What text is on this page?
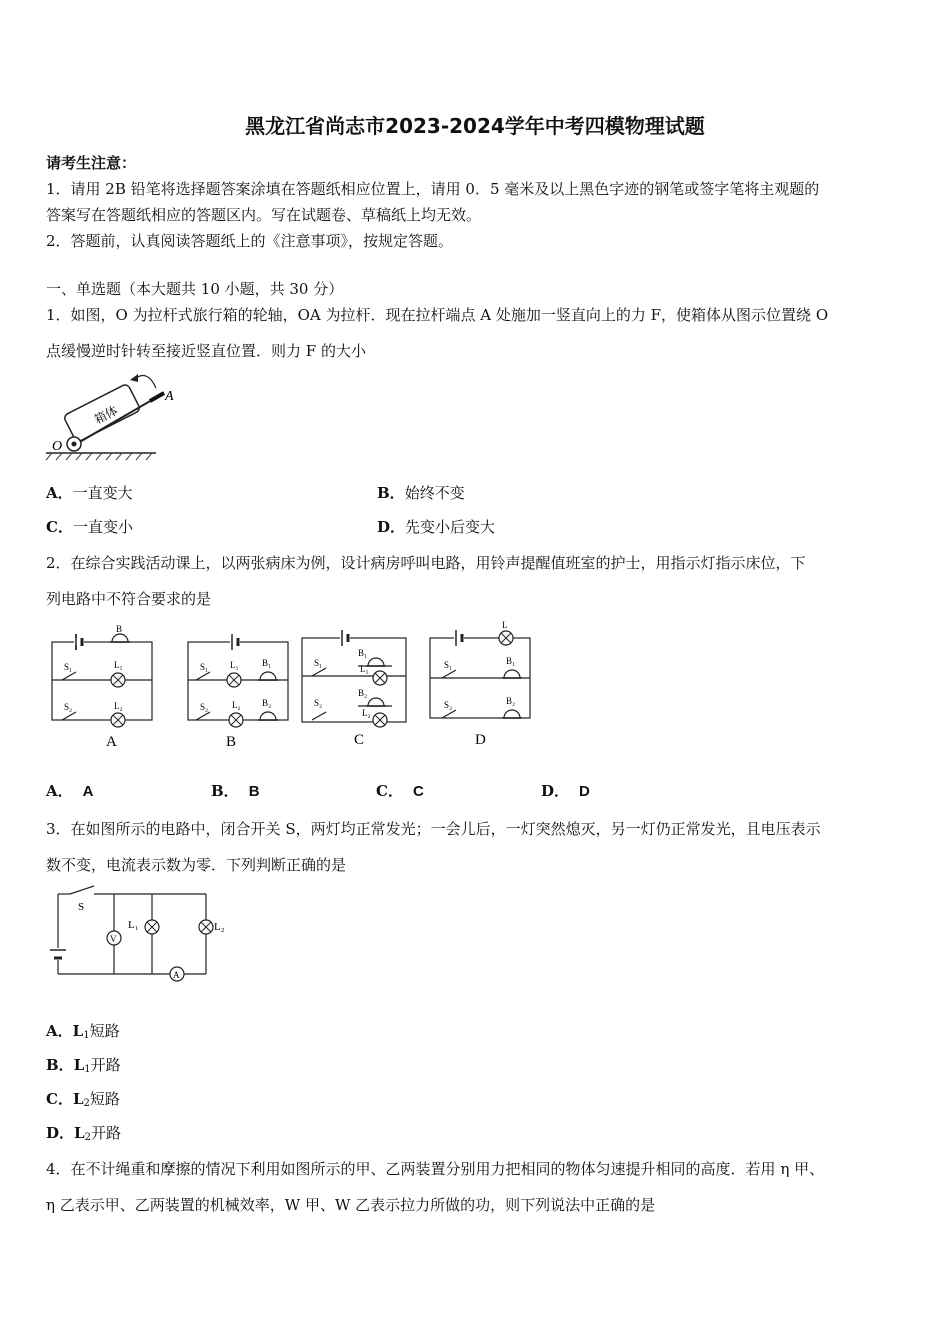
黑龙江省尚志市2023-2024学年中考四模物理试题
请考生注意：
1．请用 2B 铅笔将选择题答案涂填在答题纸相应位置上，请用 0．5 毫米及以上黑色字迹的钢笔或签字笔将主观题的
答案写在答题纸相应的答题区内。写在试题卷、草稿纸上均无效。
2．答题前，认真阅读答题纸上的《注意事项》，按规定答题。
一、单选题（本大题共 10 小题，共 30 分）
1．如图，O 为拉杆式旅行箱的轮轴，OA 为拉杆．现在拉杆端点 A 处施加一竖直向上的力 F，使箱体从图示位置绕 O
点缓慢逆时针转至接近竖直位置．则力 F 的大小
箱体
O
A
A．一直变大	B．始终不变
C．一直变小	D．先变小后变大
2．在综合实践活动课上，以两张病床为例，设计病房呼叫电路，用铃声提醒值班室的护士，用指示灯指示床位，下
列电路中不符合要求的是
B
S₁	L₁
S₂	L₂
S₁ L₁	B₁
S₂	L₂ B₂
S₁
B₁
L₁
S₂
B₂
L₂
L
S₁	B₁
S₂	B₂
A	B	C	D
A． A	B． B	C． C	D． D
3．在如图所示的电路中，闭合开关 S，两灯均正常发光；一会儿后，一灯突然熄灭，另一灯仍正常发光，且电压表示
数不变，电流表示数为零．下列判断正确的是
V
A
S
L₁	L₂
A．$L_1$短路
B．$L_1$开路
C．$L_2$短路
D．$L_2$开路
4．在不计绳重和摩擦的情况下利用如图所示的甲、乙两装置分别用力把相同的物体匀速提升相同的高度．若用 η 甲、
η 乙表示甲、乙两装置的机械效率，W 甲、W 乙表示拉力所做的功，则下列说法中正确的是
